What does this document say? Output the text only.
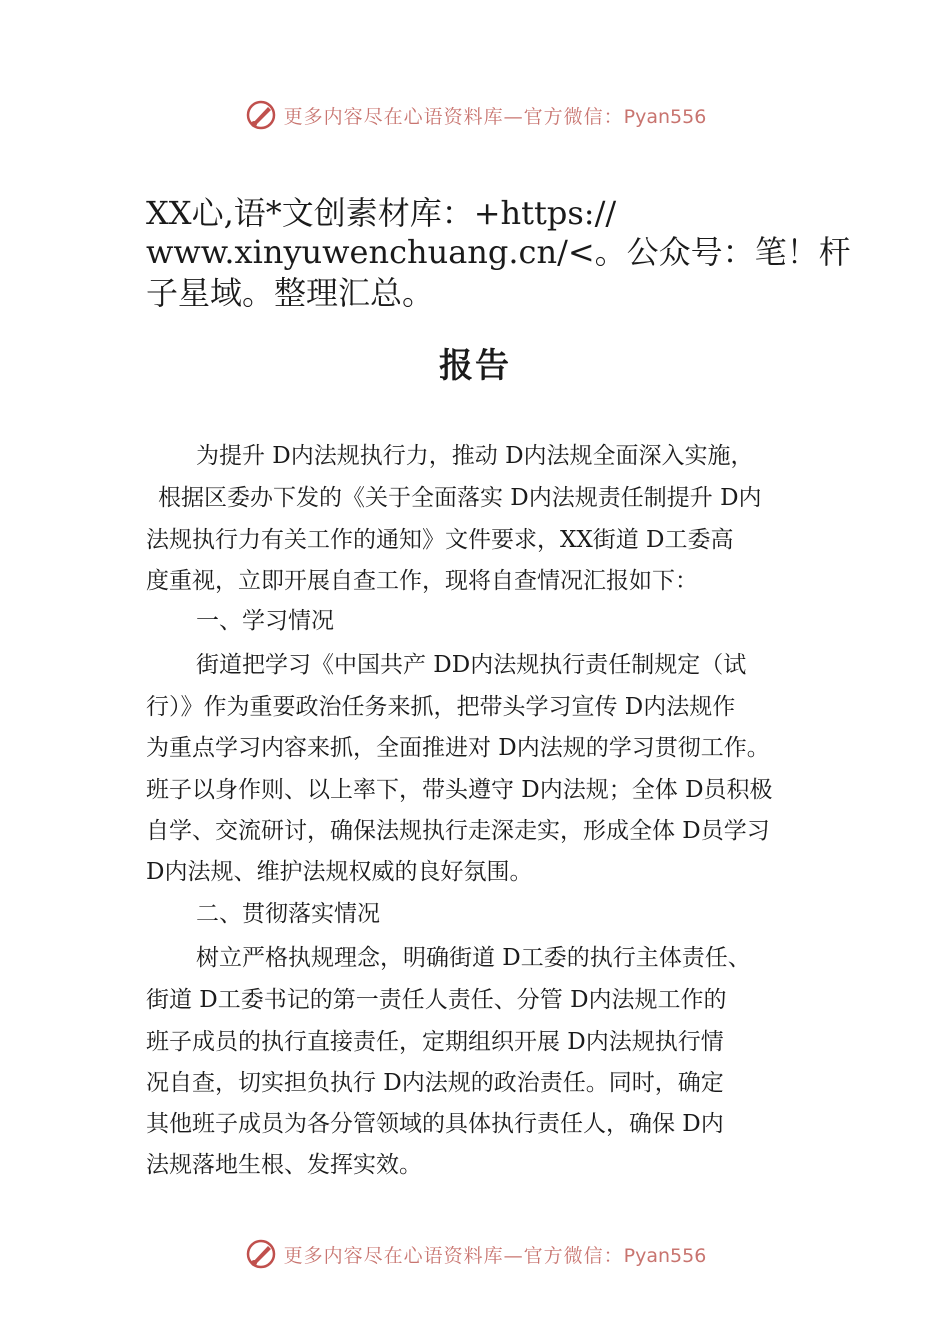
更多内容尽在心语资料库—官方微信：Pyan556
XX心,语*文创素材库：+https://
www.xinyuwenchuang.cn/<。公众号：笔！杆
子星域。整理汇总。
报告
为提升 D内法规执行力，推动 D内法规全面深入实施，
根据区委办下发的《关于全面落实 D内法规责任制提升 D内
法规执行力有关工作的通知》文件要求，XX街道 D工委高
度重视，立即开展自查工作，现将自查情况汇报如下：
一、学习情况
街道把学习《中国共产 DD内法规执行责任制规定（试
行）》作为重要政治任务来抓，把带头学习宣传 D内法规作
为重点学习内容来抓，全面推进对 D内法规的学习贯彻工作。
班子以身作则、以上率下，带头遵守 D内法规；全体 D员积极
自学、交流研讨，确保法规执行走深走实，形成全体 D员学习
D内法规、维护法规权威的良好氛围。
二、贯彻落实情况
树立严格执规理念，明确街道 D工委的执行主体责任、
街道 D工委书记的第一责任人责任、分管 D内法规工作的
班子成员的执行直接责任，定期组织开展 D内法规执行情
况自查，切实担负执行 D内法规的政治责任。同时，确定
其他班子成员为各分管领域的具体执行责任人，确保 D内
法规落地生根、发挥实效。
更多内容尽在心语资料库—官方微信：Pyan556
